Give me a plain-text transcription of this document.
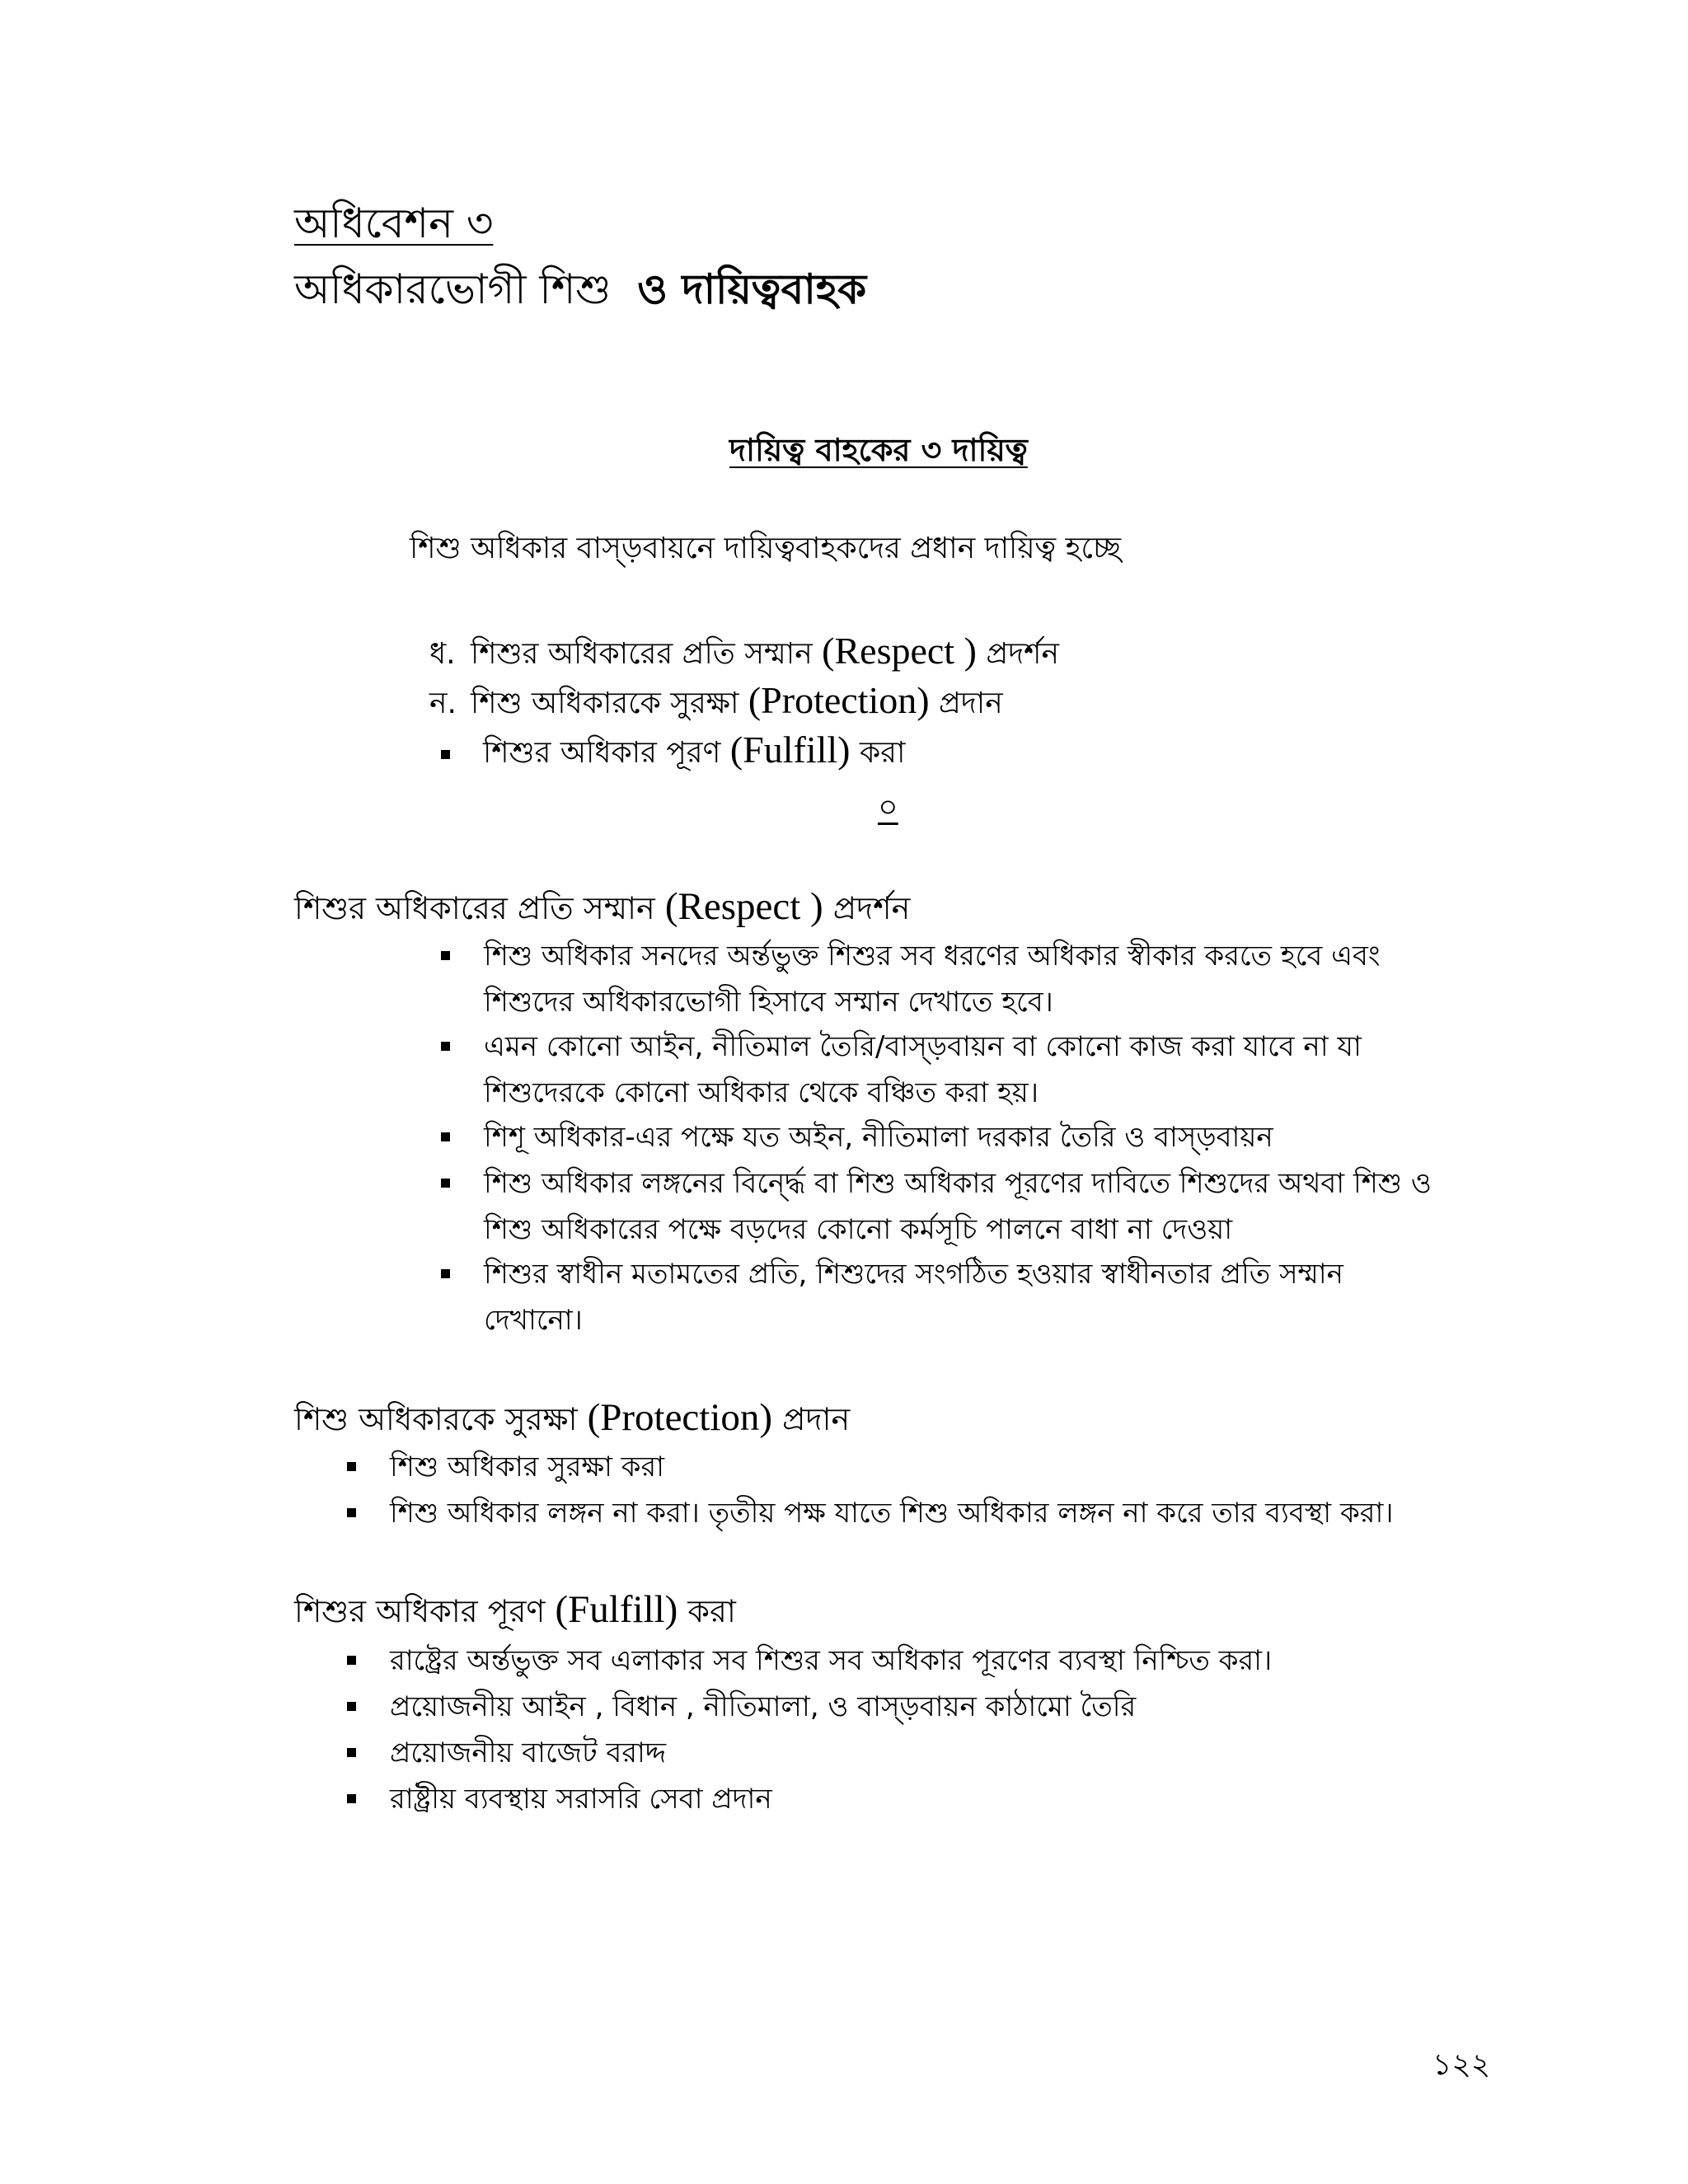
অধিবেশন ৩
অধিকারভোগী শিশু ও দায়িত্ববাহক
দায়িত্ব বাহকের ৩ দায়িত্ব
শিশু অধিকার বাস্ড়বায়নে দায়িত্ববাহকদের প্রধান দায়িত্ব হচ্ছে
ধ. শিশুর অধিকারের প্রতি সম্মান (Respect ) প্রদর্শন
ন. শিশু অধিকারকে সুরক্ষা (Protection) প্রদান
শিশুর অধিকার পূরণ (Fulfill) করা
০
শিশুর অধিকারের প্রতি সম্মান (Respect ) প্রদর্শন
শিশু অধিকার সনদের অর্ন্তভুক্ত শিশুর সব ধরণের অধিকার স্বীকার করতে হবে এবং
শিশুদের অধিকারভোগী হিসাবে সম্মান দেখাতে হবে।
এমন কোনো আইন, নীতিমাল তৈরি/বাস্ড়বায়ন বা কোনো কাজ করা যাবে না যা
শিশুদেরকে কোনো অধিকার থেকে বঞ্চিত করা হয়।
শিশূ অধিকার-এর পক্ষে যত অইন, নীতিমালা দরকার তৈরি ও বাস্ড়বায়ন
শিশু অধিকার লঙ্গনের বির্ন্দ্ধে বা শিশু অধিকার পূরণের দাবিতে শিশুদের অথবা শিশু ও
শিশু অধিকারের পক্ষে বড়দের কোনো কর্মসূচি পালনে বাধা না দেওয়া
শিশুর স্বাধীন মতামতের প্রতি, শিশুদের সংগঠিত হওয়ার স্বাধীনতার প্রতি সম্মান
দেখানো।
শিশু অধিকারকে সুরক্ষা (Protection) প্রদান
শিশু অধিকার সুরক্ষা করা
শিশু অধিকার লঙ্গন না করা। তৃতীয় পক্ষ যাতে শিশু অধিকার লঙ্গন না করে তার ব্যবস্থা করা।
শিশুর অধিকার পূরণ (Fulfill) করা
রাষ্ট্রের অর্ন্তভুক্ত সব এলাকার সব শিশুর সব অধিকার পূরণের ব্যবস্থা নিশ্চিত করা।
প্রয়োজনীয় আইন , বিধান , নীতিমালা, ও বাস্ড়বায়ন কাঠামো তৈরি
প্রয়োজনীয় বাজেট বরাদ্দ
রাষ্ট্রীয় ব্যবস্থায় সরাসরি সেবা প্রদান
১২২
